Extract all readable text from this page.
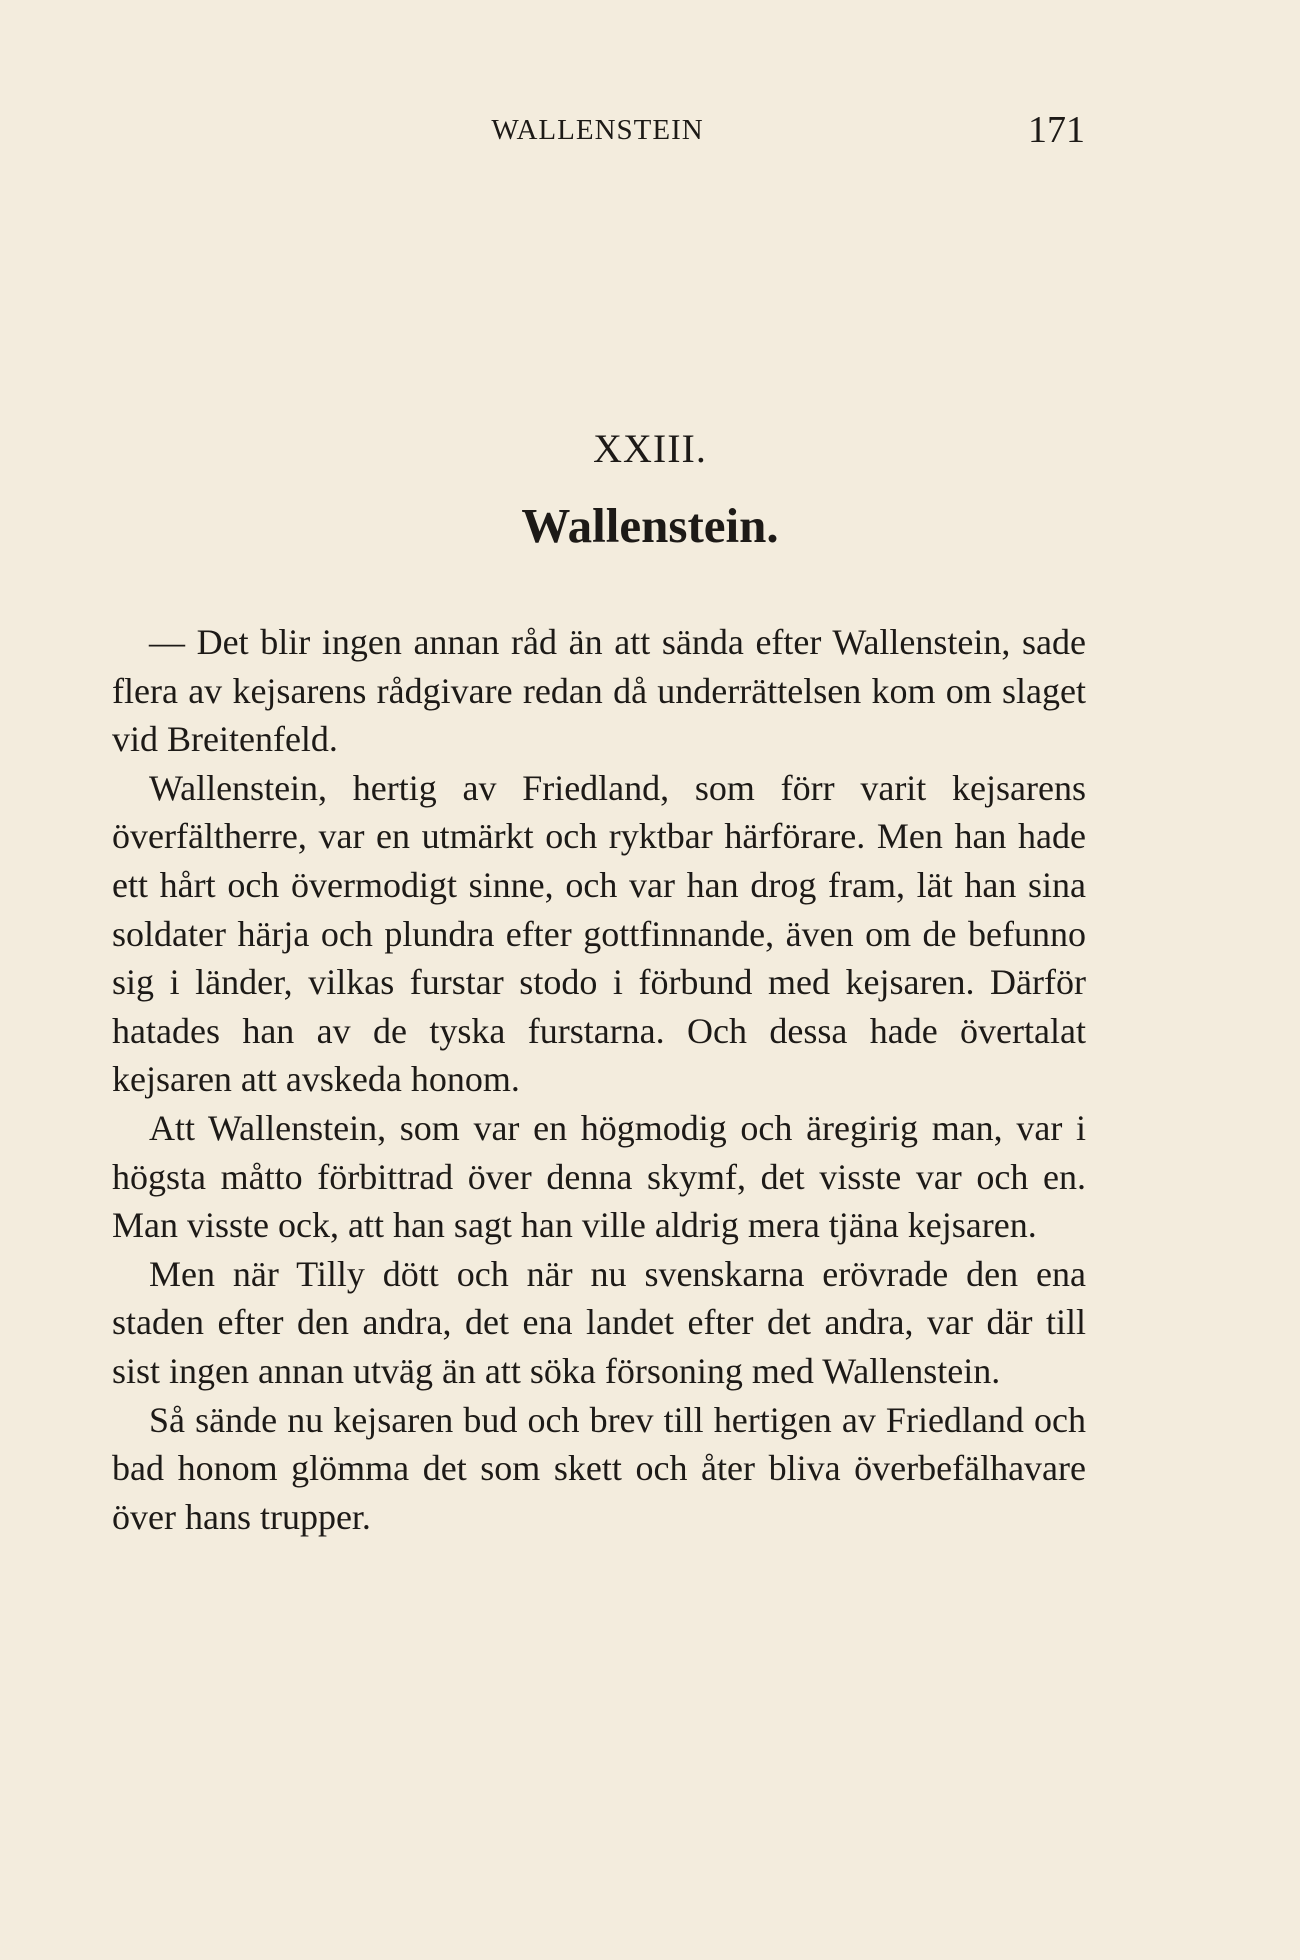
WALLENSTEIN	171
XXIII.
Wallenstein.

— Det blir ingen annan råd än att sända efter Wallenstein, sade flera av kejsarens rådgivare redan då underrättelsen kom om slaget vid Breitenfeld.

Wallenstein, hertig av Friedland, som förr varit kejsarens överfältherre, var en utmärkt och ryktbar härförare. Men han hade ett hårt och övermodigt sinne, och var han drog fram, lät han sina soldater härja och plundra efter gottfinnande, även om de befunno sig i länder, vilkas furstar stodo i förbund med kejsaren. Därför hatades han av de tyska furstarna. Och dessa hade övertalat kejsaren att avskeda honom.

Att Wallenstein, som var en högmodig och äregirig man, var i högsta måtto förbittrad över denna skymf, det visste var och en. Man visste ock, att han sagt han ville aldrig mera tjäna kejsaren.

Men när Tilly dött och när nu svenskarna erövrade den ena staden efter den andra, det ena landet efter det andra, var där till sist ingen annan utväg än att söka försoning med Wallenstein.

Så sände nu kejsaren bud och brev till hertigen av Friedland och bad honom glömma det som skett och åter bliva överbefälhavare över hans trupper.
